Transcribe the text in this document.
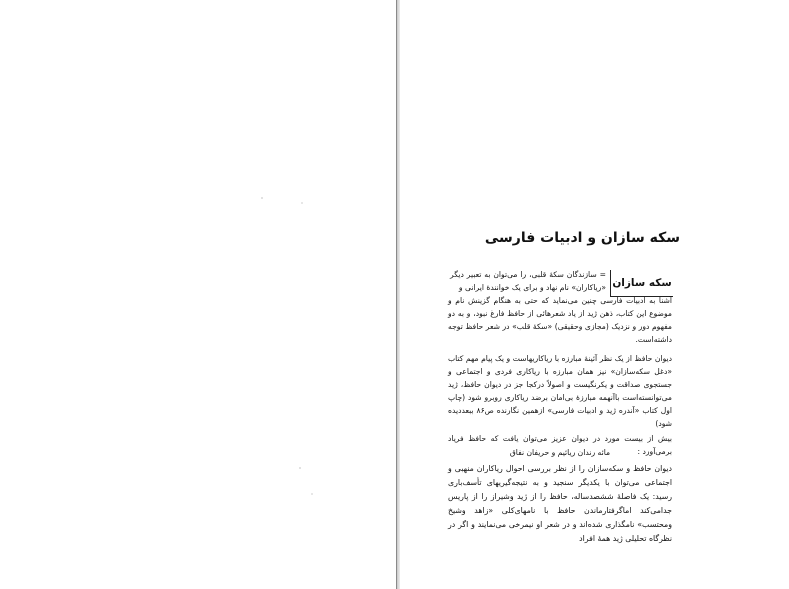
سکه سازان و ادبیات فارسی
سکه سازان
= سازندگان سکهٔ قلبی، را می‌توان به تعبیر دیگر «ریاکاران» نام نهاد و برای یک خوانندهٔ ایرانی و
آشنا به ادبیات فارسی چنین می‌نماید که حتی به هنگام گزینش نام و موضوع این کتاب، ذهن ژید از یاد شعرهائی از حافظ فارغ نبود، و به دو مفهوم دور و نزدیک (مجازی وحقیقی) «سکهٔ قلب» در شعر حافظ توجه داشته‌است.
دیوان حافظ از یک نظر آئینهٔ مبارزه با ریاکاریهاست و یک پیام مهم کتاب «دغل سکه‌سازان» نیز همان مبارزه با ریاکاری فردی و اجتماعی و جستجوی صداقت و یکرنگیست و اصولاً درکجا جز در دیوان حافظ، ژید می‌توانسته‌است باآنهمه مبارزهٔ بی‌امان برضد ریاکاری روبرو شود (چاپ اول کتاب «آندره ژید و ادبیات فارسی» ازهمین نگارنده ص۸۶ ببعددیده شود)
بیش از بیست مورد در دیوان عزیز می‌توان یافت که حافظ فریاد برمی‌آورد :
مائه رندان ریائیم و حریفان نفاق
دیوان حافظ و سکه‌سازان را از نظر بررسی احوال ریاکاران منهبی و اجتماعی می‌توان با یکدیگر سنجید و به نتیجه‌گیریهای تأسف‌باری رسید: یک فاصلهٔ ششصدساله، حافظ را از ژید وشیراز را از پاریس جدامی‌کند اماگرفتارماندن حافظ با نامهای‌کلی «زاهد وشیخ ومحتسب» نامگذاری شده‌اند و در شعر او نیمرخی می‌نمایند و اگر در نظرگاه تحلیلی ژید همهٔ افراد
